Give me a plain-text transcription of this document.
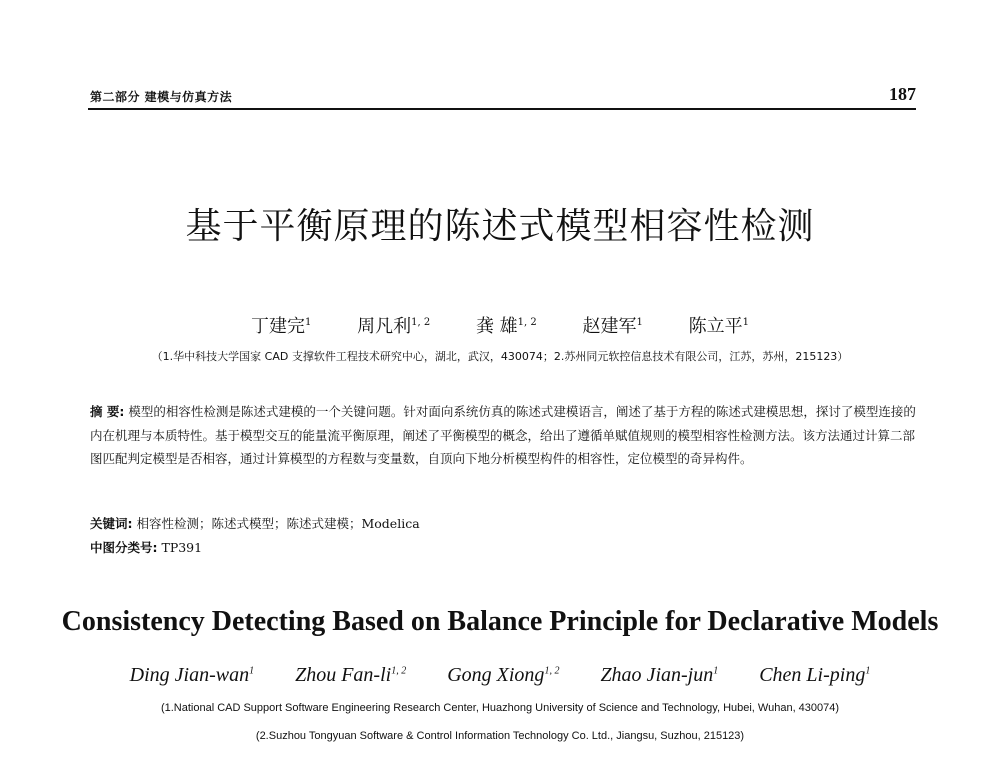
第二部分 建模与仿真方法	187
基于平衡原理的陈述式模型相容性检测
丁建完$^1$	周凡利$^{1, 2}$	龚 雄$^{1, 2}$	赵建军$^1$	陈立平$^1$
（1.华中科技大学国家 CAD 支撑软件工程技术研究中心，湖北，武汉，430074；2.苏州同元软控信息技术有限公司，江苏，苏州，215123）
摘 要: 模型的相容性检测是陈述式建模的一个关键问题。针对面向系统仿真的陈述式建模语言，阐述了基于方程的陈述式建模思想，探讨了模型连接的内在机理与本质特性。基于模型交互的能量流平衡原理，阐述了平衡模型的概念，给出了遵循单赋值规则的模型相容性检测方法。该方法通过计算二部图匹配判定模型是否相容，通过计算模型的方程数与变量数，自顶向下地分析模型构件的相容性，定位模型的奇异构件。
关键词: 相容性检测；陈述式模型；陈述式建模；Modelica
中图分类号: TP391
Consistency Detecting Based on Balance Principle for Declarative Models
Ding Jian-wan$^1$ Zhou Fan-li$^{1, 2}$ Gong Xiong$^{1, 2}$ Zhao Jian-jun$^1$ Chen Li-ping$^1$
(1.National CAD Support Software Engineering Research Center, Huazhong University of Science and Technology, Hubei, Wuhan, 430074)
(2.Suzhou Tongyuan Software & Control Information Technology Co. Ltd., Jiangsu, Suzhou, 215123)
